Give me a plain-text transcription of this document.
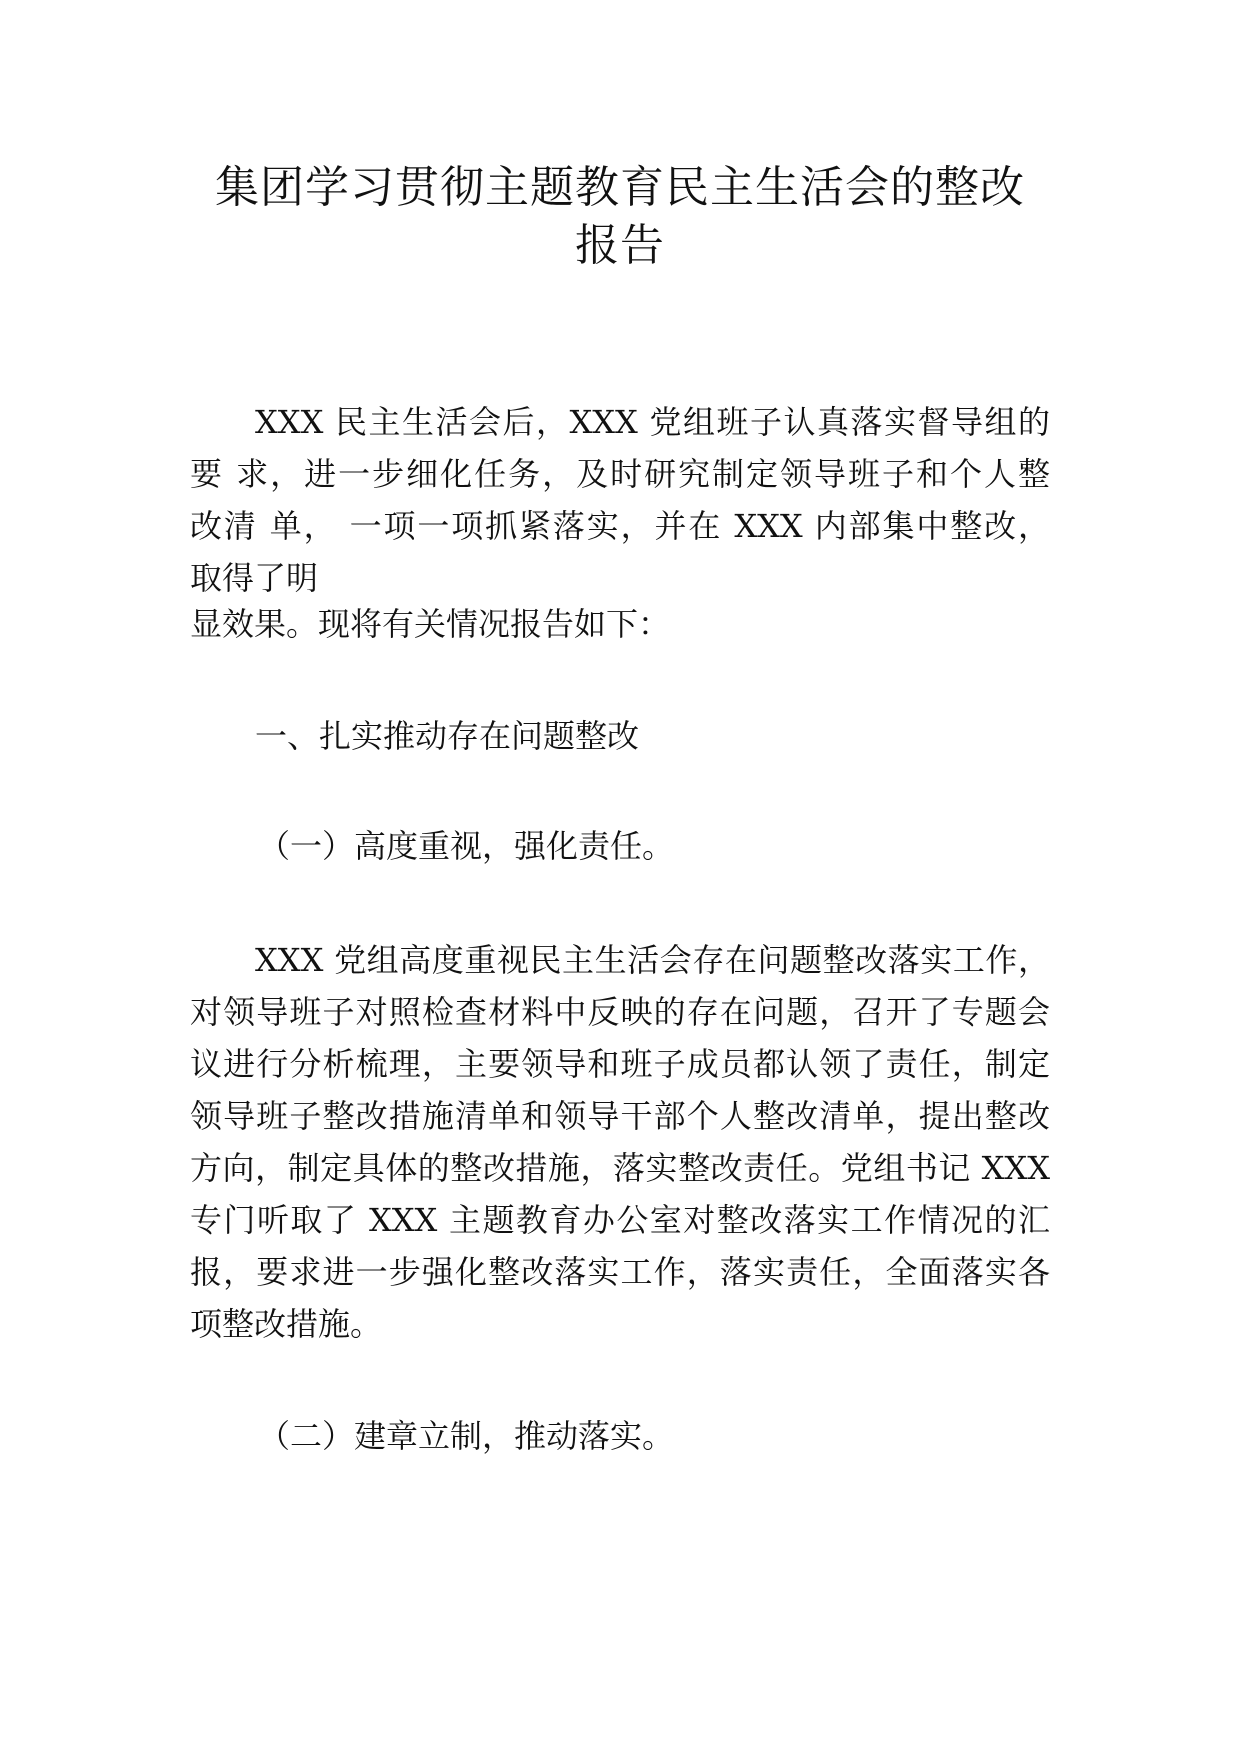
集团学习贯彻主题教育民主生活会的整改
报告

XXX 民主生活会后，XXX 党组班子认真落实督导组的

要 求，进一步细化任务，及时研究制定领导班子和个人整

改清 单， 一项一项抓紧落实，并在 XXX 内部集中整改，

取得了明

显效果。现将有关情况报告如下：

一、扎实推动存在问题整改

（一）高度重视，强化责任。

XXX 党组高度重视民主生活会存在问题整改落实工作，

对领导班子对照检查材料中反映的存在问题，召开了专题会

议进行分析梳理，主要领导和班子成员都认领了责任，制定

领导班子整改措施清单和领导干部个人整改清单，提出整改

方向，制定具体的整改措施，落实整改责任。党组书记 XXX

专门听取了 XXX 主题教育办公室对整改落实工作情况的汇

报，要求进一步强化整改落实工作，落实责任，全面落实各

项整改措施。

（二）建章立制，推动落实。
